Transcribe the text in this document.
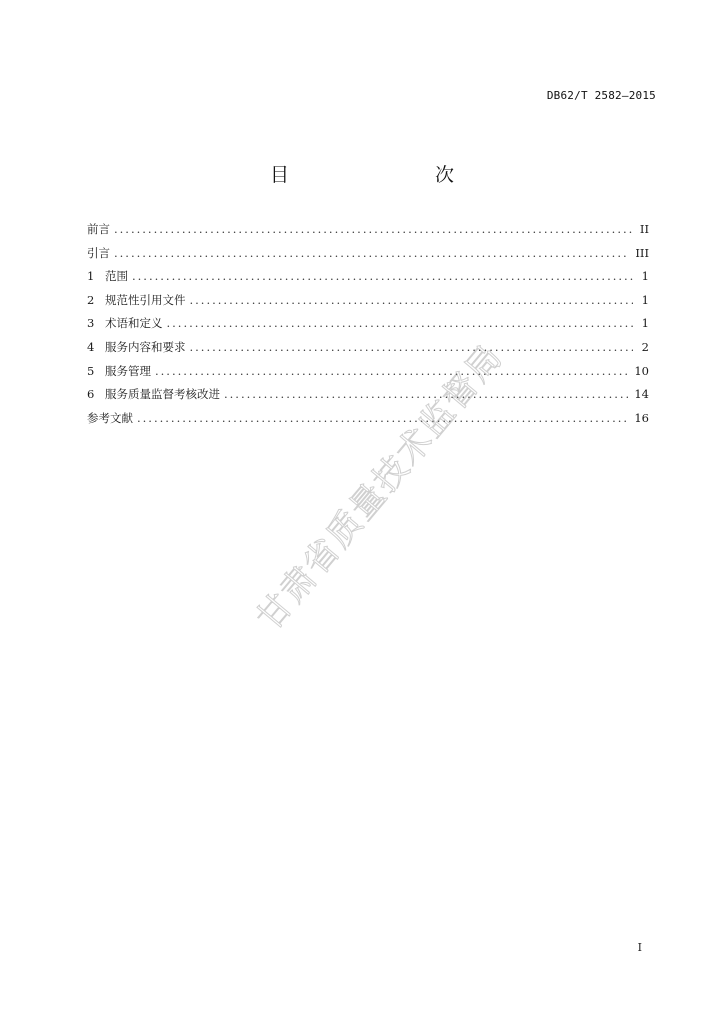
DB62/T 2582—2015
目　　次
前言 .....	II
引言 .....	III
1 范围 .....	1
2 规范性引用文件 .....	1
3 术语和定义 .....	1
4 服务内容和要求 .....	2
5 服务管理 .....	10
6 服务质量监督考核改进 .....	14
参考文献 .....	16
甘肃省质量技术监督局
I
